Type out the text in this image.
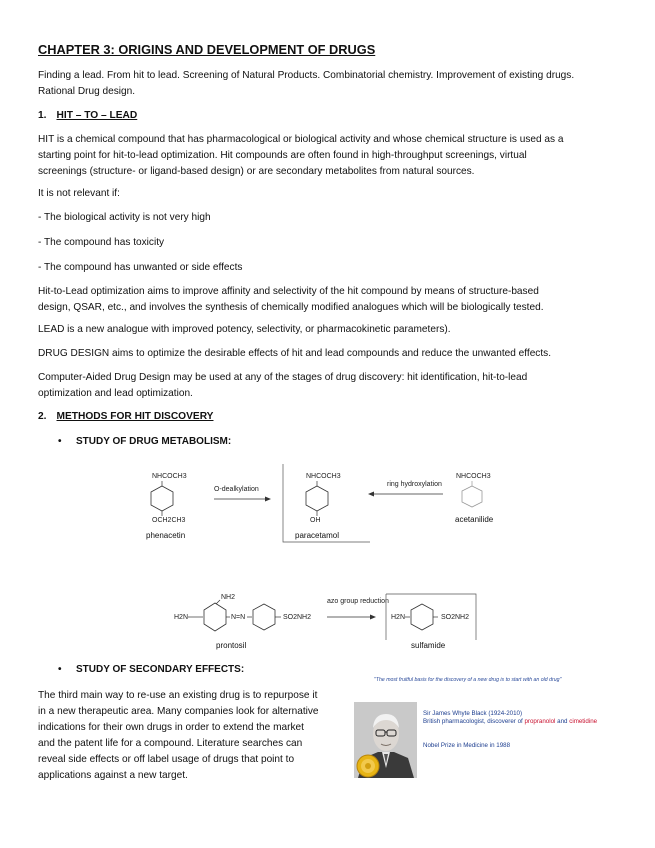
CHAPTER 3: ORIGINS AND DEVELOPMENT OF DRUGS
Finding a lead. From hit to lead. Screening of Natural Products. Combinatorial chemistry. Improvement of existing drugs.
Rational Drug design.
1. HIT – TO – LEAD
HIT is a chemical compound that has pharmacological or biological activity and whose chemical structure is used as a
starting point for hit-to-lead optimization. Hit compounds are often found in high-throughput screenings, virtual
screenings (structure- or ligand-based design) or are secondary metabolites from natural sources.
It is not relevant if:
- The biological activity is not very high
- The compound has toxicity
- The compound has unwanted or side effects
Hit-to-Lead optimization aims to improve affinity and selectivity of the hit compound by means of structure-based
design, QSAR, etc., and involves the synthesis of chemically modified analogues which will be biologically tested.
LEAD is a new analogue with improved potency, selectivity, or pharmacokinetic parameters).
DRUG DESIGN aims to optimize the desirable effects of hit and lead compounds and reduce the unwanted effects.
Computer-Aided Drug Design may be used at any of the stages of drug discovery: hit identification, hit-to-lead
optimization and lead optimization.
2. METHODS FOR HIT DISCOVERY
• STUDY OF DRUG METABOLISM:
NHCOCH3
OCH2CH3
phenacetin
O-dealkylation
NHCOCH3
OH
paracetamol
ring hydroxylation
NHCOCH3
acetanilide
NH2
H2N	N=N	SO2NH2
prontosil
azo group reduction
H2N	SO2NH2
sulfamide
• STUDY OF SECONDARY EFFECTS:
The third main way to re-use an existing drug is to repurpose it
in a new therapeutic area. Many companies look for alternative
indications for their own drugs in order to extend the market
and the patent life for a compound. Literature searches can
reveal side effects or off label usage of drugs that point to
applications against a new target.
"The most fruitful basis for the discovery of a new drug is to start with an old drug"
Sir James Whyte Black (1924-2010)
British pharmacologist, discoverer of propranolol and cimetidine
Nobel Prize in Medicine in 1988
